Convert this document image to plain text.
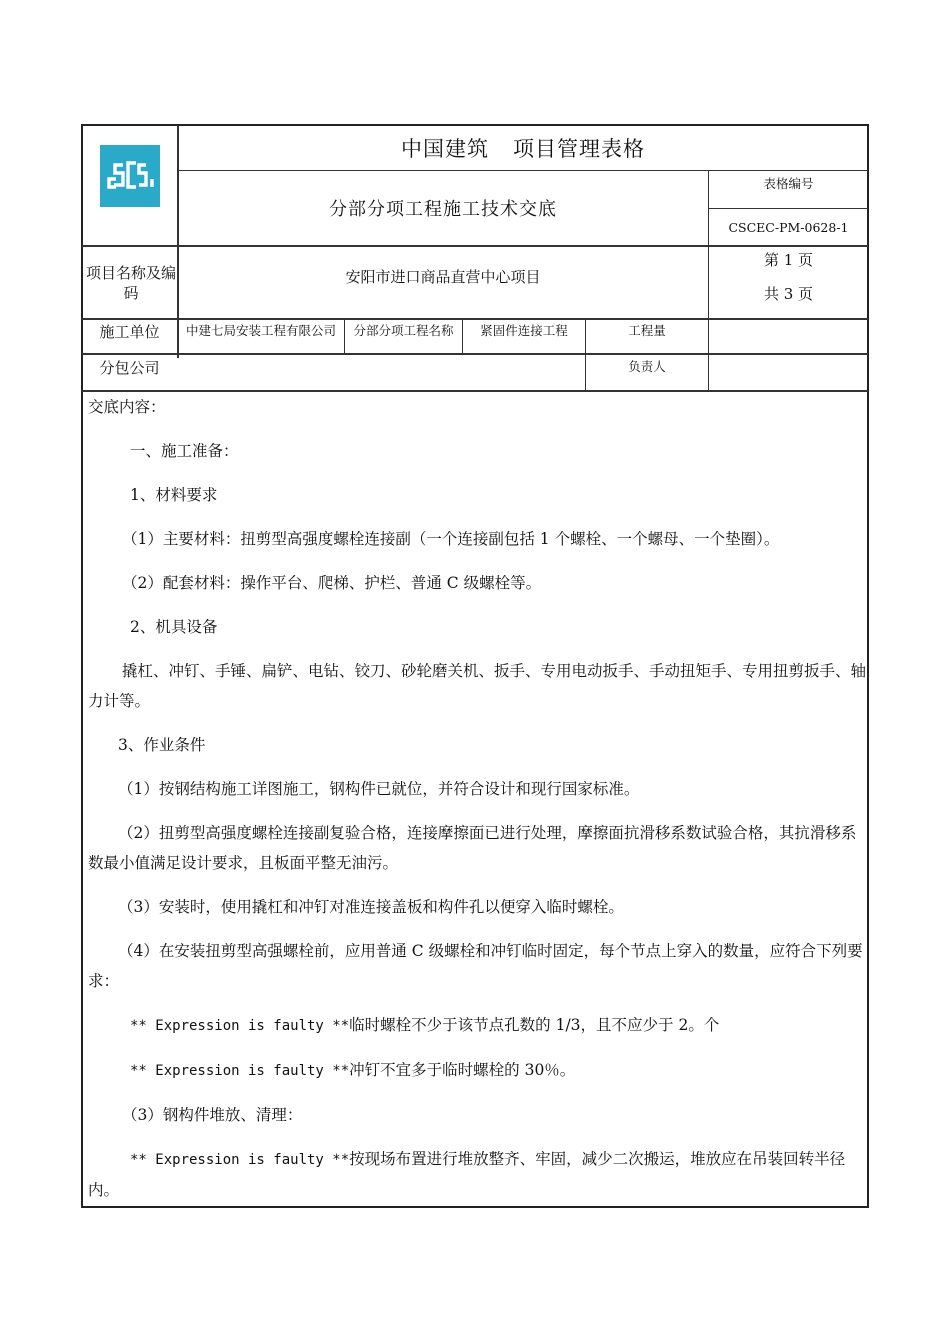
中国建筑 项目管理表格
分部分项工程施工技术交底
表格编号
CSCEC-PM-0628-1
项目名称及编码
安阳市进口商品直营中心项目
第 1 页
共 3 页
施工单位	中建七局安装工程有限公司	分部分项工程名称	紧固件连接工程	工程量
分包公司	负责人

交底内容：

一、施工准备：

1、材料要求

（1）主要材料：扭剪型高强度螺栓连接副（一个连接副包括 1 个螺栓、一个螺母、一个垫圈）。

（2）配套材料：操作平台、爬梯、护栏、普通 C 级螺栓等。

2、机具设备

撬杠、冲钉、手锤、扁铲、电钻、铰刀、砂轮磨关机、扳手、专用电动扳手、手动扭矩手、专用扭剪扳手、轴力计等。

3、作业条件

（1）按钢结构施工详图施工，钢构件已就位，并符合设计和现行国家标准。

（2）扭剪型高强度螺栓连接副复验合格，连接摩擦面已进行处理，摩擦面抗滑移系数试验合格，其抗滑移系数最小值满足设计要求，且板面平整无油污。

（3）安装时，使用撬杠和冲钉对准连接盖板和构件孔以便穿入临时螺栓。

（4）在安装扭剪型高强螺栓前，应用普通 C 级螺栓和冲钉临时固定，每个节点上穿入的数量，应符合下列要求：

** Expression is faulty **临时螺栓不少于该节点孔数的 1/3，且不应少于 2。个

** Expression is faulty **冲钉不宜多于临时螺栓的 30％。

（3）钢构件堆放、清理：

** Expression is faulty **按现场布置进行堆放整齐、牢固，减少二次搬运，堆放应在吊装回转半径内。
